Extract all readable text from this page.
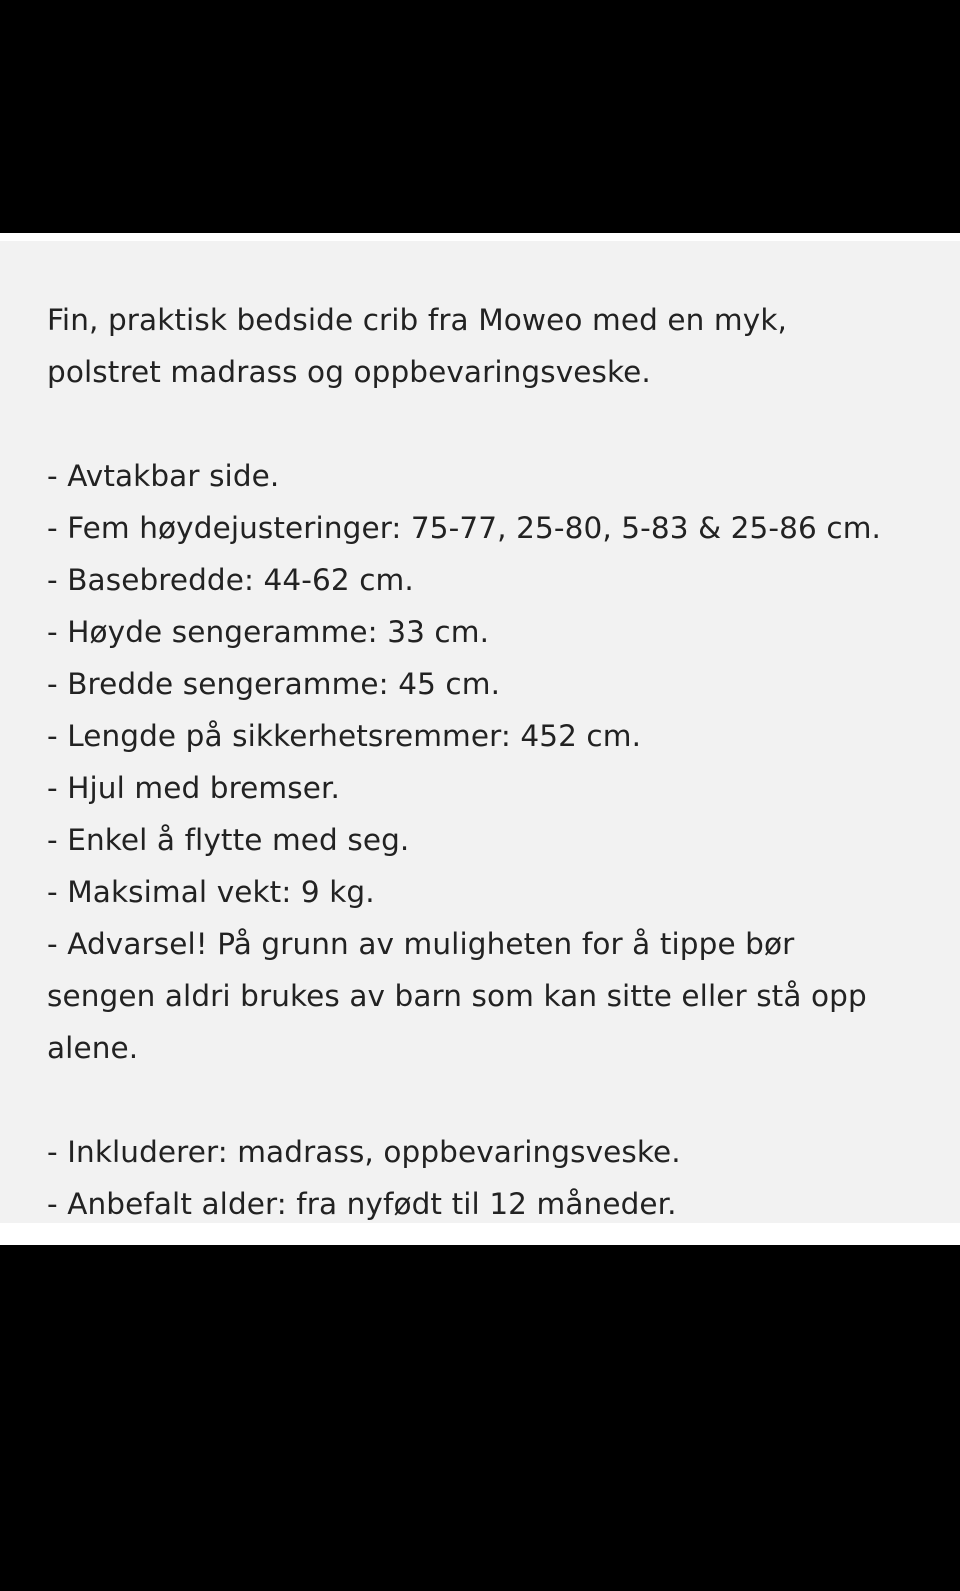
Fin, praktisk bedside crib fra Moweo med en myk,
polstret madrass og oppbevaringsveske.
- Avtakbar side.
- Fem høydejusteringer: 75-77, 25-80, 5-83 & 25-86 cm.
- Basebredde: 44-62 cm.
- Høyde sengeramme: 33 cm.
- Bredde sengeramme: 45 cm.
- Lengde på sikkerhetsremmer: 452 cm.
- Hjul med bremser.
- Enkel å flytte med seg.
- Maksimal vekt: 9 kg.
- Advarsel! På grunn av muligheten for å tippe bør
sengen aldri brukes av barn som kan sitte eller stå opp
alene.
- Inkluderer: madrass, oppbevaringsveske.
- Anbefalt alder: fra nyfødt til 12 måneder.
